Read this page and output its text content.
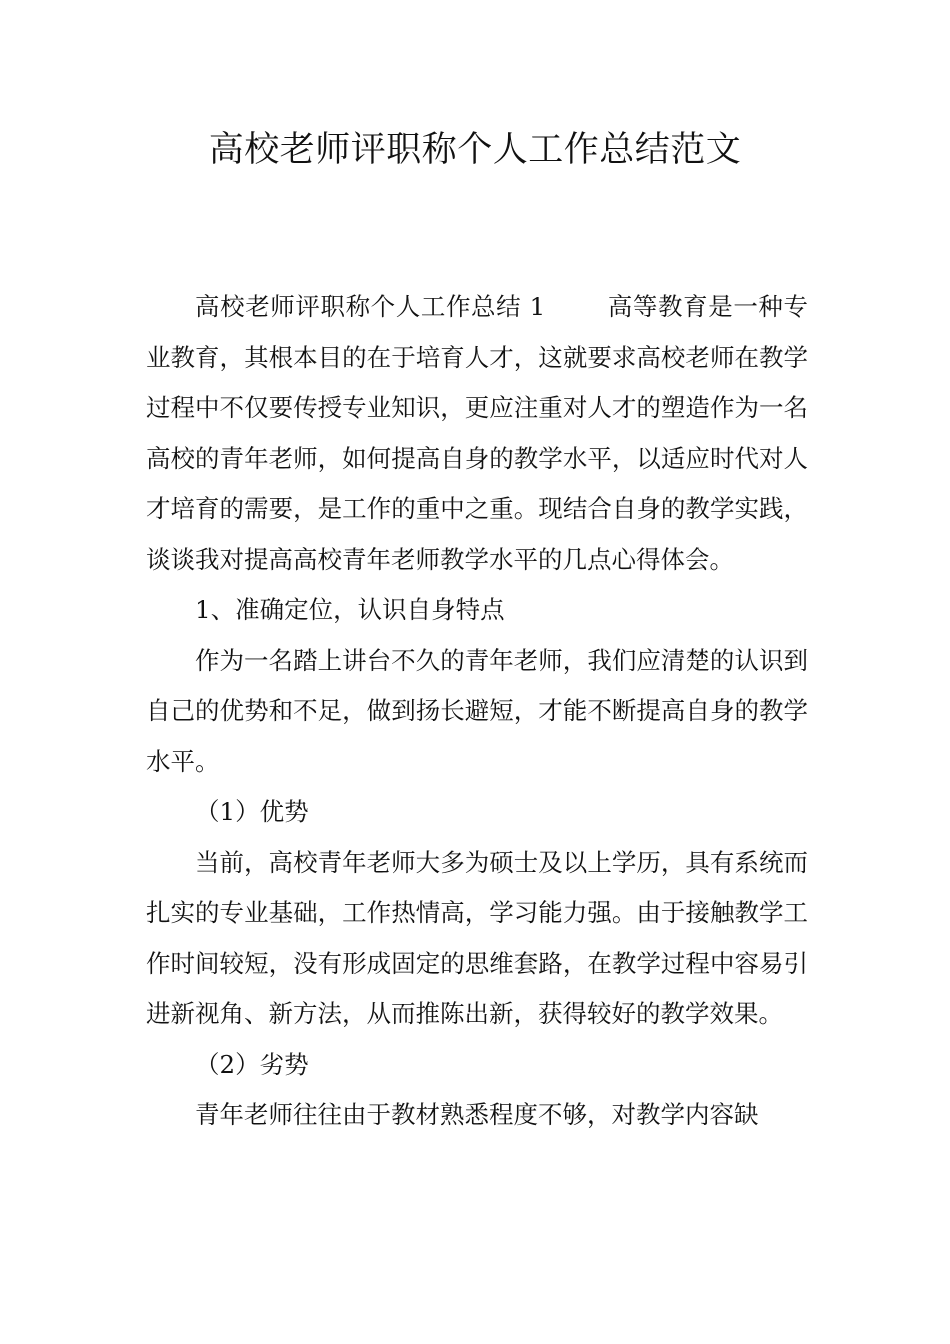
高校老师评职称个人工作总结范文

高校老师评职称个人工作总结 1	高等教育是一种专业教育，其根本目的在于培育人才，这就要求高校老师在教学过程中不仅要传授专业知识，更应注重对人才的塑造作为一名高校的青年老师，如何提高自身的教学水平，以适应时代对人才培育的需要，是工作的重中之重。现结合自身的教学实践，谈谈我对提高高校青年老师教学水平的几点心得体会。

1、准确定位，认识自身特点

作为一名踏上讲台不久的青年老师，我们应清楚的认识到自己的优势和不足，做到扬长避短，才能不断提高自身的教学水平。

（1）优势

当前，高校青年老师大多为硕士及以上学历，具有系统而扎实的专业基础，工作热情高，学习能力强。由于接触教学工作时间较短，没有形成固定的思维套路，在教学过程中容易引进新视角、新方法，从而推陈出新，获得较好的教学效果。

（2）劣势

青年老师往往由于教材熟悉程度不够，对教学内容缺
